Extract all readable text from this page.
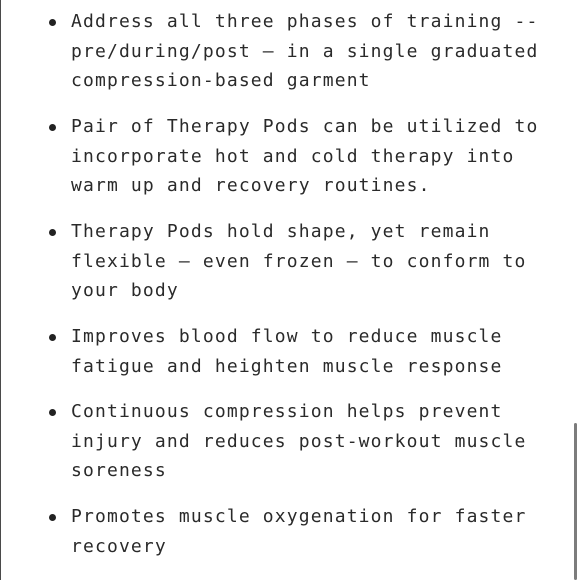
Address all three phases of training --
pre/during/post – in a single graduated
compression-based garment
Pair of Therapy Pods can be utilized to
incorporate hot and cold therapy into
warm up and recovery routines.
Therapy Pods hold shape, yet remain
flexible – even frozen – to conform to
your body
Improves blood flow to reduce muscle
fatigue and heighten muscle response
Continuous compression helps prevent
injury and reduces post-workout muscle
soreness
Promotes muscle oxygenation for faster
recovery
